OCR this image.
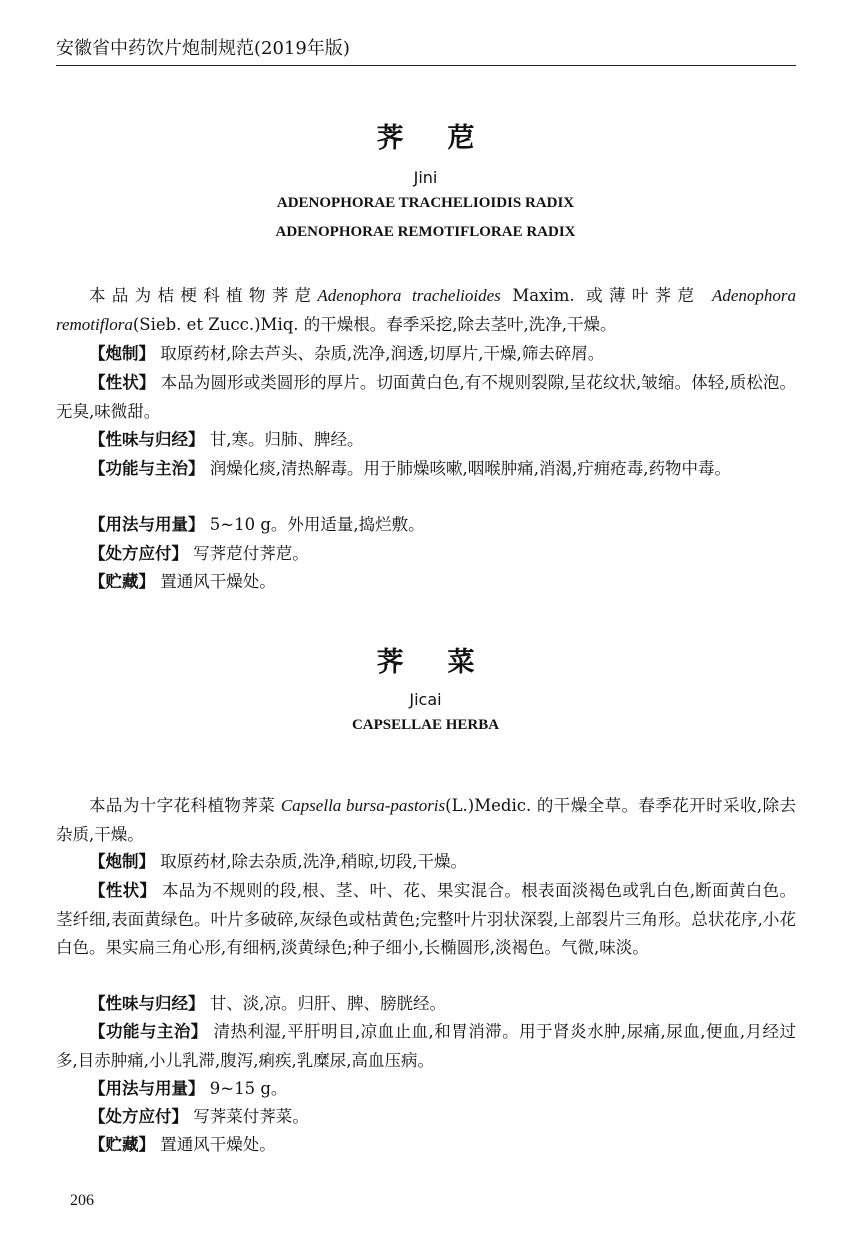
安徽省中药饮片炮制规范(2019年版)
荠苨
Jini
ADENOPHORAE TRACHELIOIDIS RADIX
ADENOPHORAE REMOTIFLORAE RADIX

本品为桔梗科植物荠苨Adenophora trachelioides Maxim. 或薄叶荠苨 Adenophora remotiflora(Sieb. et Zucc.)Miq. 的干燥根。春季采挖,除去茎叶,洗净,干燥。

【炮制】 取原药材,除去芦头、杂质,洗净,润透,切厚片,干燥,筛去碎屑。

【性状】 本品为圆形或类圆形的厚片。切面黄白色,有不规则裂隙,呈花纹状,皱缩。体轻,质松泡。无臭,味微甜。

【性味与归经】 甘,寒。归肺、脾经。

【功能与主治】 润燥化痰,清热解毒。用于肺燥咳嗽,咽喉肿痛,消渴,疔痈疮毒,药物中毒。

【用法与用量】 5~10 g。外用适量,捣烂敷。

【处方应付】 写荠苨付荠苨。

【贮藏】 置通风干燥处。

荠菜
Jicai
CAPSELLAE HERBA

本品为十字花科植物荠菜 Capsella bursa-pastoris(L.)Medic. 的干燥全草。春季花开时采收,除去杂质,干燥。

【炮制】 取原药材,除去杂质,洗净,稍晾,切段,干燥。

【性状】 本品为不规则的段,根、茎、叶、花、果实混合。根表面淡褐色或乳白色,断面黄白色。茎纤细,表面黄绿色。叶片多破碎,灰绿色或枯黄色;完整叶片羽状深裂,上部裂片三角形。总状花序,小花白色。果实扁三角心形,有细柄,淡黄绿色;种子细小,长椭圆形,淡褐色。气微,味淡。

【性味与归经】 甘、淡,凉。归肝、脾、膀胱经。

【功能与主治】 清热利湿,平肝明目,凉血止血,和胃消滞。用于肾炎水肿,尿痛,尿血,便血,月经过多,目赤肿痛,小儿乳滞,腹泻,痢疾,乳糜尿,高血压病。

【用法与用量】 9~15 g。

【处方应付】 写荠菜付荠菜。

【贮藏】 置通风干燥处。

206
